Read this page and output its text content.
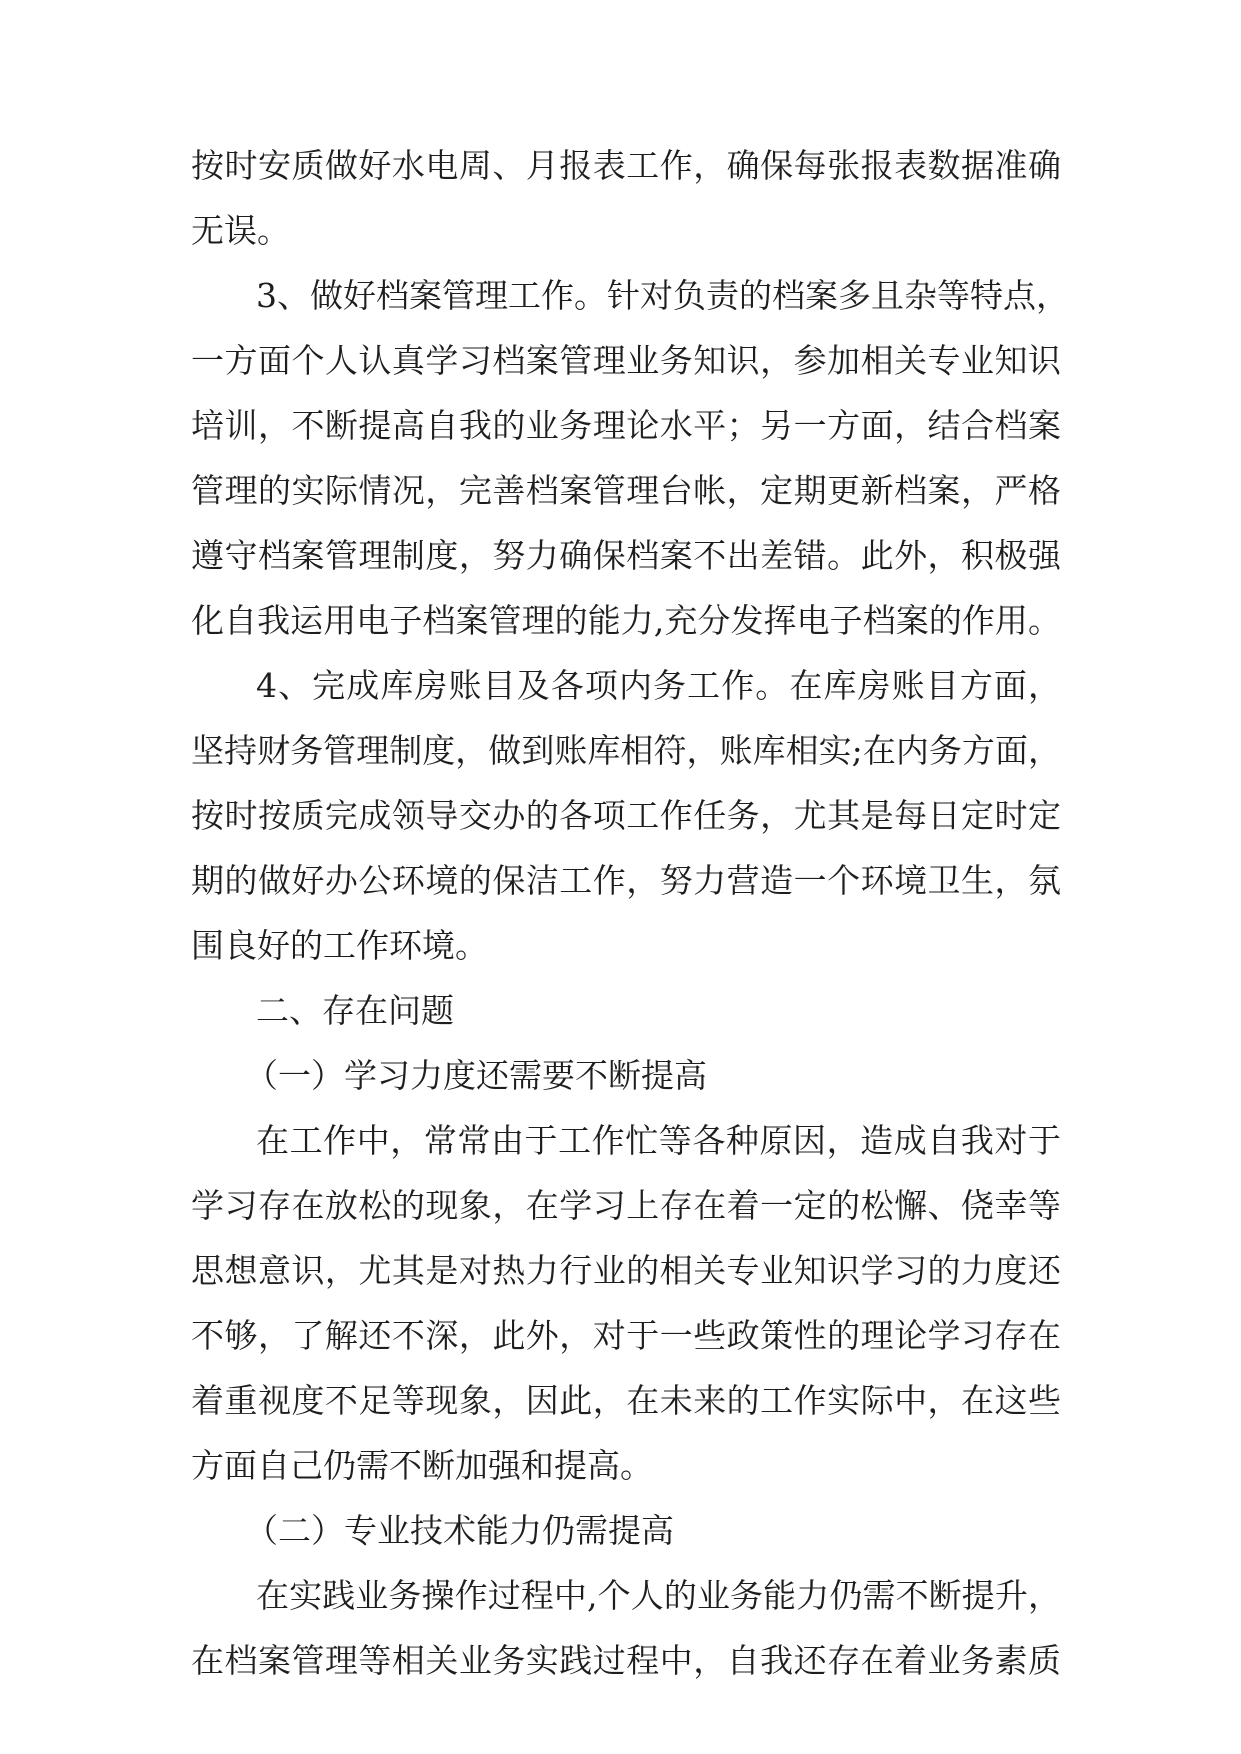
按时安质做好水电周、月报表工作，确保每张报表数据准确
无误。
3、做好档案管理工作。针对负责的档案多且杂等特点，
一方面个人认真学习档案管理业务知识，参加相关专业知识
培训，不断提高自我的业务理论水平；另一方面，结合档案
管理的实际情况，完善档案管理台帐，定期更新档案，严格
遵守档案管理制度，努力确保档案不出差错。此外，积极强
化自我运用电子档案管理的能力,充分发挥电子档案的作用。
4、完成库房账目及各项内务工作。在库房账目方面，
坚持财务管理制度，做到账库相符，账库相实;在内务方面，
按时按质完成领导交办的各项工作任务，尤其是每日定时定
期的做好办公环境的保洁工作，努力营造一个环境卫生，氛
围良好的工作环境。
二、存在问题
（一）学习力度还需要不断提高
在工作中，常常由于工作忙等各种原因，造成自我对于
学习存在放松的现象，在学习上存在着一定的松懈、侥幸等
思想意识，尤其是对热力行业的相关专业知识学习的力度还
不够，了解还不深，此外，对于一些政策性的理论学习存在
着重视度不足等现象，因此，在未来的工作实际中，在这些
方面自己仍需不断加强和提高。
（二）专业技术能力仍需提高
在实践业务操作过程中,个人的业务能力仍需不断提升，
在档案管理等相关业务实践过程中，自我还存在着业务素质
